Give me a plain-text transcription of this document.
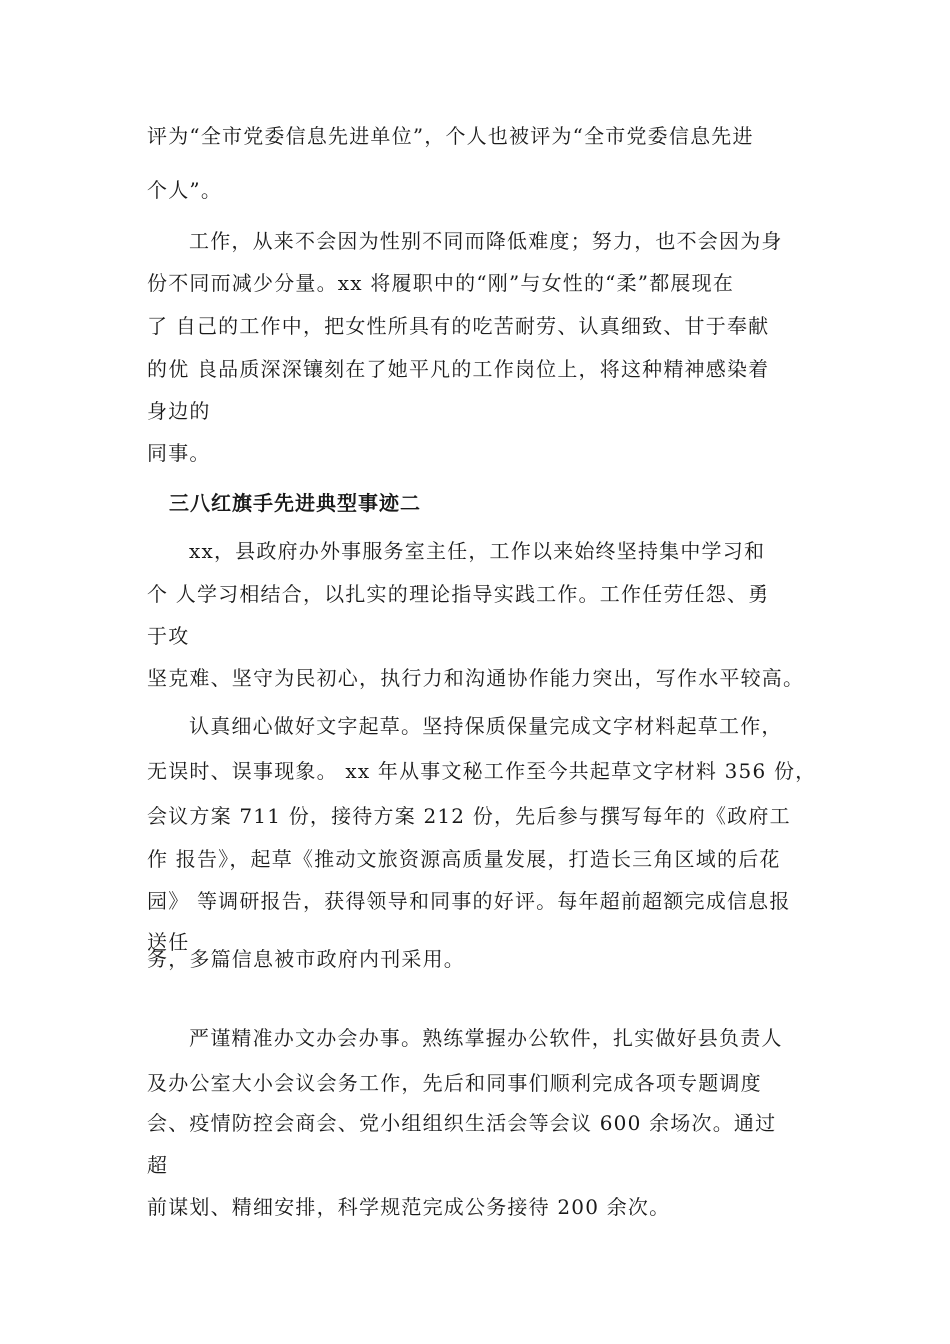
评为“全市党委信息先进单位”，个人也被评为“全市党委信息先进
个人”。
工作，从来不会因为性别不同而降低难度；努力，也不会因为身
份不同而减少分量。xx 将履职中的“刚”与女性的“柔”都展现在
了 自己的工作中，把女性所具有的吃苦耐劳、认真细致、甘于奉献
的优 良品质深深镶刻在了她平凡的工作岗位上，将这种精神感染着
身边的
同事。
三八红旗手先进典型事迹二
xx，县政府办外事服务室主任，工作以来始终坚持集中学习和
个 人学习相结合，以扎实的理论指导实践工作。工作任劳任怨、勇
于攻
坚克难、坚守为民初心，执行力和沟通协作能力突出，写作水平较高。
认真细心做好文字起草。坚持保质保量完成文字材料起草工作，
无误时、误事现象。 xx 年从事文秘工作至今共起草文字材料 356 份，
会议方案 711 份，接待方案 212 份，先后参与撰写每年的《政府工
作 报告》，起草《推动文旅资源高质量发展，打造长三角区域的后花
园》 等调研报告，获得领导和同事的好评。每年超前超额完成信息报
送任
务，多篇信息被市政府内刊采用。
严谨精准办文办会办事。熟练掌握办公软件，扎实做好县负责人
及办公室大小会议会务工作，先后和同事们顺利完成各项专题调度
会、疫情防控会商会、党小组组织生活会等会议 600 余场次。通过
超
前谋划、精细安排，科学规范完成公务接待 200 余次。
